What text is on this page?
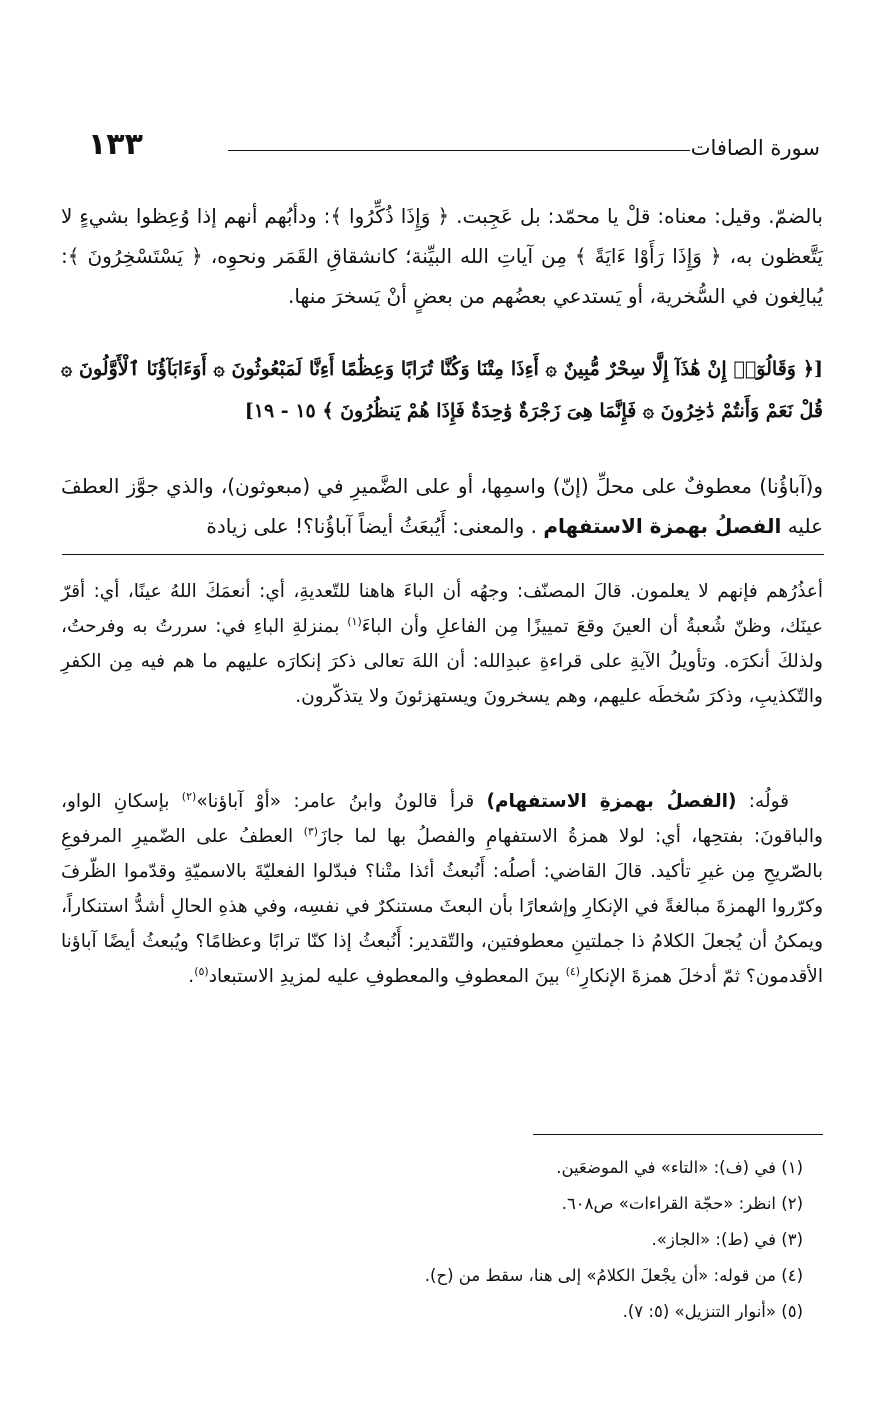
سورة الصافات
١٣٣
بالضمّ. وقيل: معناه: قلْ يا محمّد: بل عَجِبت. ﴿ وَإِذَا ذُكِّرُوا ﴾: ودأبُهم أنهم إذا وُعِظوا بشيءٍ لا يَتَّعظون به، ﴿ وَإِذَا رَأَوْا ءَايَةً ﴾ مِن آياتِ الله البيِّنة؛ كانشقاقِ القَمَر ونحوِه، ﴿ يَسْتَسْخِرُونَ ﴾: يُبالِغون في السُّخرية، أو يَستدعي بعضُهم من بعضٍ أنْ يَسخرَ منها.
[﴿ وَقَالُوٓا۟ إِنْ هَٰذَآ إِلَّا سِحْرٌ مُّبِينٌ ۞ أَءِذَا مِتْنَا وَكُنَّا تُرَابًا وَعِظَٰمًا أَءِنَّا لَمَبْعُوثُونَ ۞ أَوَءَابَآؤُنَا ٱلْأَوَّلُونَ ۞ قُلْ نَعَمْ وَأَنتُمْ دَٰخِرُونَ ۞ فَإِنَّمَا هِىَ زَجْرَةٌ وَٰحِدَةٌ فَإِذَا هُمْ يَنظُرُونَ ﴾ ١٥ - ١٩]
و(آباؤُنا) معطوفٌ على محلِّ (إنّ) واسمِها، أو على الضَّميرِ في (مبعوثون)، والذي جوَّز العطفَ عليه الفصلُ بهمزة الاستفهام . والمعنى: أَيُبعَثُ أيضاً آباؤُنا؟! على زيادة

أعذُرُهم فإنهم لا يعلمون. قالَ المصنّف: وجهُه أن الباءَ هاهنا للتّعديةِ، أي: أنعمَكَ اللهُ عينًا، أي: أقرّ عينَك، وظنّ شُعبةُ أن العينَ وقعَ تمييزًا مِن الفاعلِ وأن الباءَ$^{(١)}$ بمنزلةِ الباءِ في: سررتُ به وفرحتُ، ولذلكَ أنكرَه. وتأويلُ الآيةِ على قراءةِ عبدِالله: أن اللهَ تعالى ذكرَ إنكارَه عليهم ما هم فيه مِن الكفرِ والتّكذيبِ، وذكرَ سُخطَه عليهم، وهم يسخرونَ ويستهزئونَ ولا يتذكّرون.

قولُه: (الفصلُ بهمزةِ الاستفهام) قرأ قالونُ وابنُ عامر: «أوْ آباؤنا»$^{(٢)}$ بإسكانِ الواو، والباقونَ: بفتحِها، أي: لولا همزةُ الاستفهامِ والفصلُ بها لما جازَ$^{(٣)}$ العطفُ على الضّميرِ المرفوعِ بالصّريحِ مِن غيرِ تأكيد. قالَ القاضي: أصلُه: أَنُبعثُ أئذا متْنا؟ فبدّلوا الفعليّةَ بالاسميّةِ وقدّموا الظّرفَ وكرّروا الهمزةَ مبالغةً في الإنكارِ وإشعارًا بأن البعثَ مستنكرٌ في نفسِه، وفي هذهِ الحالِ أشدُّ استنكاراً، ويمكنُ أن يُجعلَ الكلامُ ذا جملتينِ معطوفتين، والتّقدير: أَنُبعثُ إذا كنّا ترابًا وعظامًا؟ ويُبعثُ أيضًا آباؤنا الأقدمون؟ ثمّ أدخلَ همزةَ الإنكارِ$^{(٤)}$ بينَ المعطوفِ والمعطوفِ عليه لمزيدِ الاستبعاد$^{(٥)}$.

(١) في (ف): «التاء» في الموضعَين.
(٢) انظر: «حجّة القراءات» ص٦٠٨.
(٣) في (ط): «الجاز».
(٤) من قوله: «أن يجْعلَ الكلامُ» إلى هنا، سقط من (ح).
(٥) «أنوار التنزيل» (٥: ٧).
